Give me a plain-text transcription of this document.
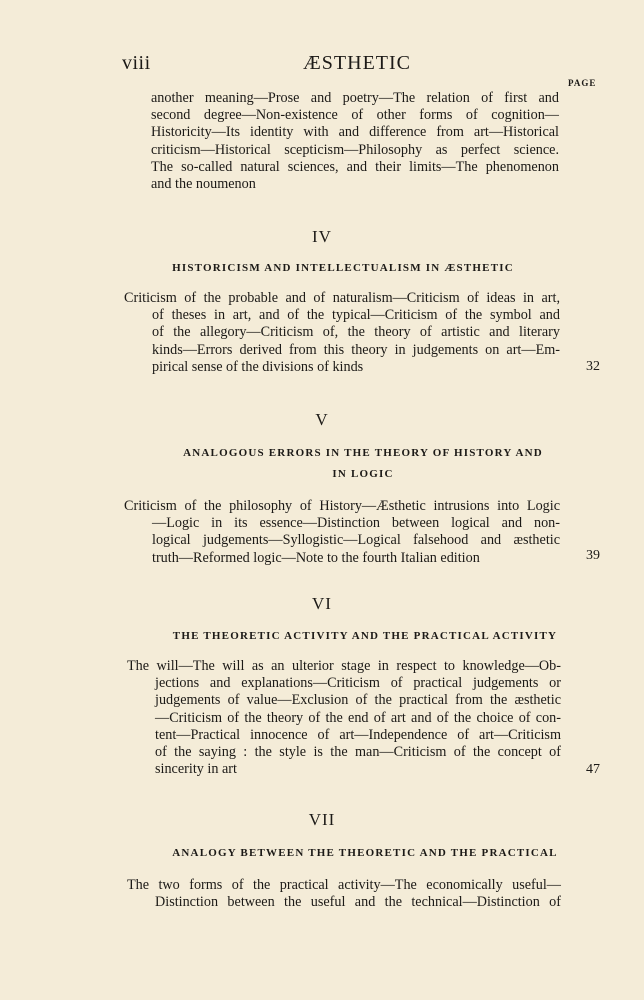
viii	ÆSTHETIC
PAGE
another meaning—Prose and poetry—The relation of first and
second degree—Non-existence of other forms of cognition—
Historicity—Its identity with and difference from art—Historical
criticism—Historical scepticism—Philosophy as perfect science.
The so-called natural sciences, and their limits—The phenomenon
and the noumenon
IV
HISTORICISM AND INTELLECTUALISM IN ÆSTHETIC
Criticism of the probable and of naturalism—Criticism of ideas in art,
of theses in art, and of the typical—Criticism of the symbol and
of the allegory—Criticism of, the theory of artistic and literary
kinds—Errors derived from this theory in judgements on art—Em-
pirical sense of the divisions of kinds	32
V
ANALOGOUS ERRORS IN THE THEORY OF HISTORY AND
IN LOGIC
Criticism of the philosophy of History—Æsthetic intrusions into Logic
—Logic in its essence—Distinction between logical and non-
logical judgements—Syllogistic—Logical falsehood and æsthetic
truth—Reformed logic—Note to the fourth Italian edition	39
VI
THE THEORETIC ACTIVITY AND THE PRACTICAL ACTIVITY
The will—The will as an ulterior stage in respect to knowledge—Ob-
jections and explanations—Criticism of practical judgements or
judgements of value—Exclusion of the practical from the æsthetic
—Criticism of the theory of the end of art and of the choice of con-
tent—Practical innocence of art—Independence of art—Criticism
of the saying : the style is the man—Criticism of the concept of
sincerity in art	47
VII
ANALOGY BETWEEN THE THEORETIC AND THE PRACTICAL
The two forms of the practical activity—The economically useful—
Distinction between the useful and the technical—Distinction of
